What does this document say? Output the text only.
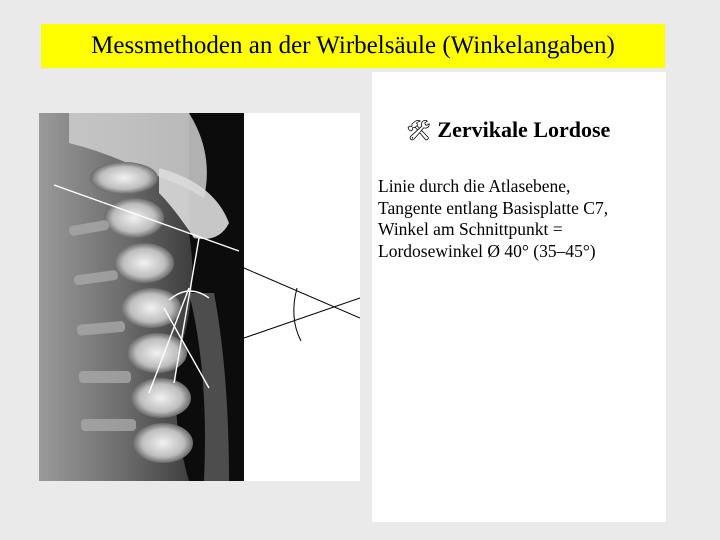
Messmethoden an der Wirbelsäule (Winkelangaben)
🛠 Zervikale Lordose
Linie durch die Atlasebene,
Tangente entlang Basisplatte C7,
Winkel am Schnittpunkt =
Lordosewinkel Ø 40° (35–45°)
